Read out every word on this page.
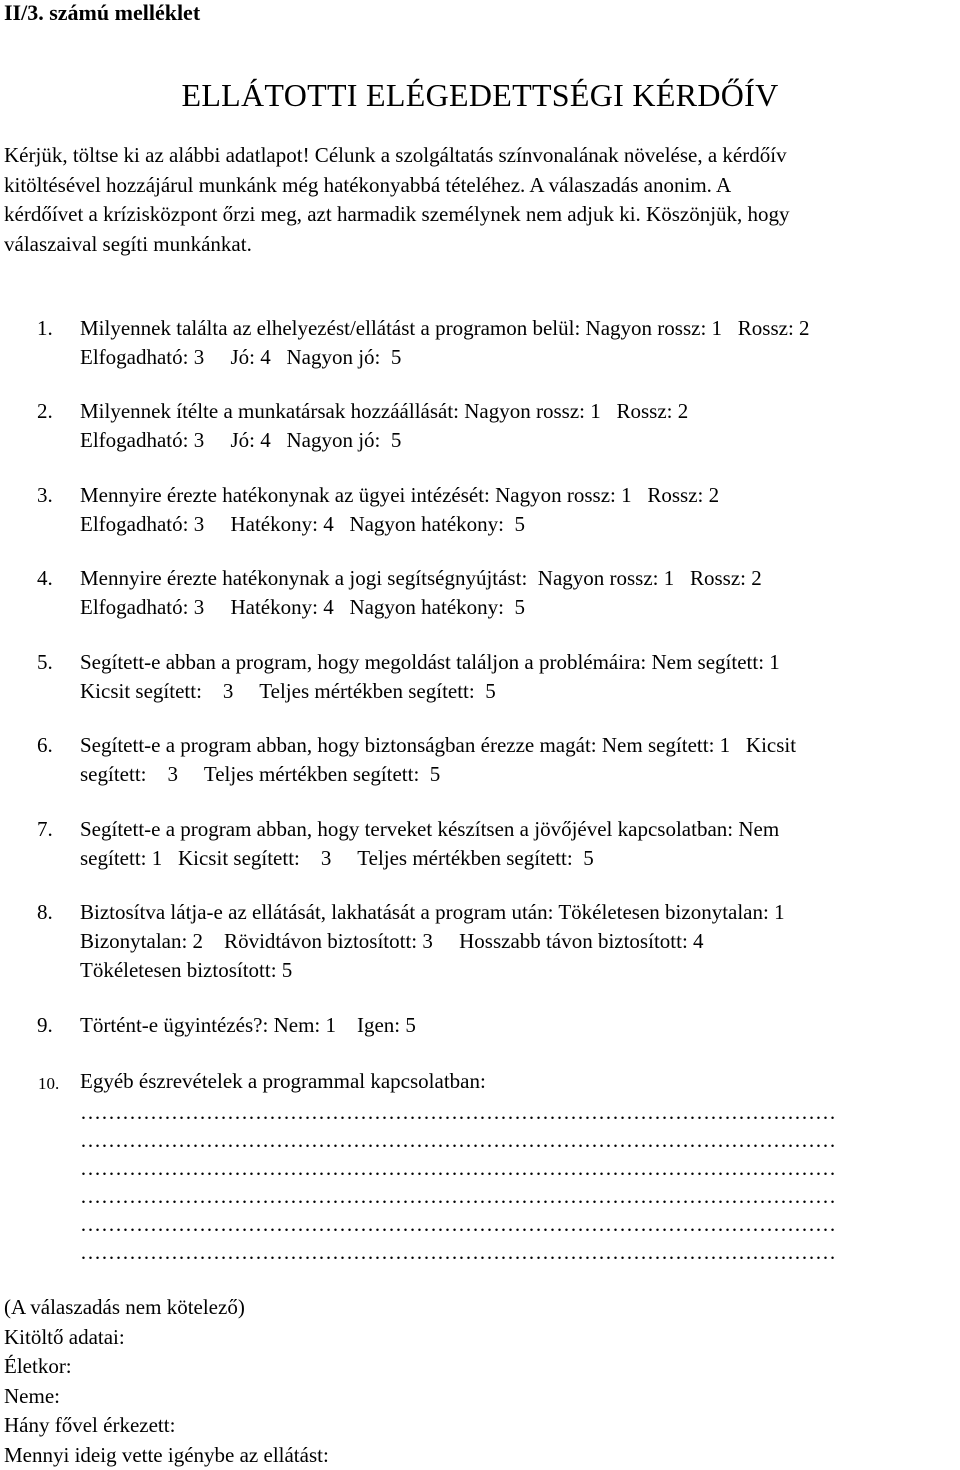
II/3. számú melléklet
ELLÁTOTTI ELÉGEDETTSÉGI KÉRDŐÍV
Kérjük, töltse ki az alábbi adatlapot! Célunk a szolgáltatás színvonalának növelése, a kérdőív
kitöltésével hozzájárul munkánk még hatékonyabbá tételéhez. A válaszadás anonim. A
kérdőívet a krízisközpont őrzi meg, azt harmadik személynek nem adjuk ki. Köszönjük, hogy
válaszaival segíti munkánkat.
1. Milyennek találta az elhelyezést/ellátást a programon belül: Nagyon rossz: 1   Rossz: 2
Elfogadható: 3     Jó: 4   Nagyon jó:  5
2. Milyennek ítélte a munkatársak hozzáállását: Nagyon rossz: 1   Rossz: 2
Elfogadható: 3     Jó: 4   Nagyon jó:  5
3. Mennyire érezte hatékonynak az ügyei intézését: Nagyon rossz: 1   Rossz: 2
Elfogadható: 3     Hatékony: 4   Nagyon hatékony:  5
4. Mennyire érezte hatékonynak a jogi segítségnyújtást:  Nagyon rossz: 1   Rossz: 2
Elfogadható: 3     Hatékony: 4   Nagyon hatékony:  5
5. Segített-e abban a program, hogy megoldást találjon a problémáira: Nem segített: 1
Kicsit segített:    3     Teljes mértékben segített:  5
6. Segített-e a program abban, hogy biztonságban érezze magát: Nem segített: 1   Kicsit
segített:    3     Teljes mértékben segített:  5
7. Segített-e a program abban, hogy terveket készítsen a jövőjével kapcsolatban: Nem
segített: 1   Kicsit segített:    3     Teljes mértékben segített:  5
8. Biztosítva látja-e az ellátását, lakhatását a program után: Tökéletesen bizonytalan: 1
Bizonytalan: 2    Rövidtávon biztosított: 3     Hosszabb távon biztosított: 4
Tökéletesen biztosított: 5
9. Történt-e ügyintézés?: Nem: 1    Igen: 5
10. Egyéb észrevételek a programmal kapcsolatban:
………………………………………………………………………………………………
………………………………………………………………………………………………
………………………………………………………………………………………………
………………………………………………………………………………………………
………………………………………………………………………………………………
………………………………………………………………………………………………
(A válaszadás nem kötelező)
Kitöltő adatai:
Életkor:
Neme:
Hány fővel érkezett:
Mennyi ideig vette igénybe az ellátást:
